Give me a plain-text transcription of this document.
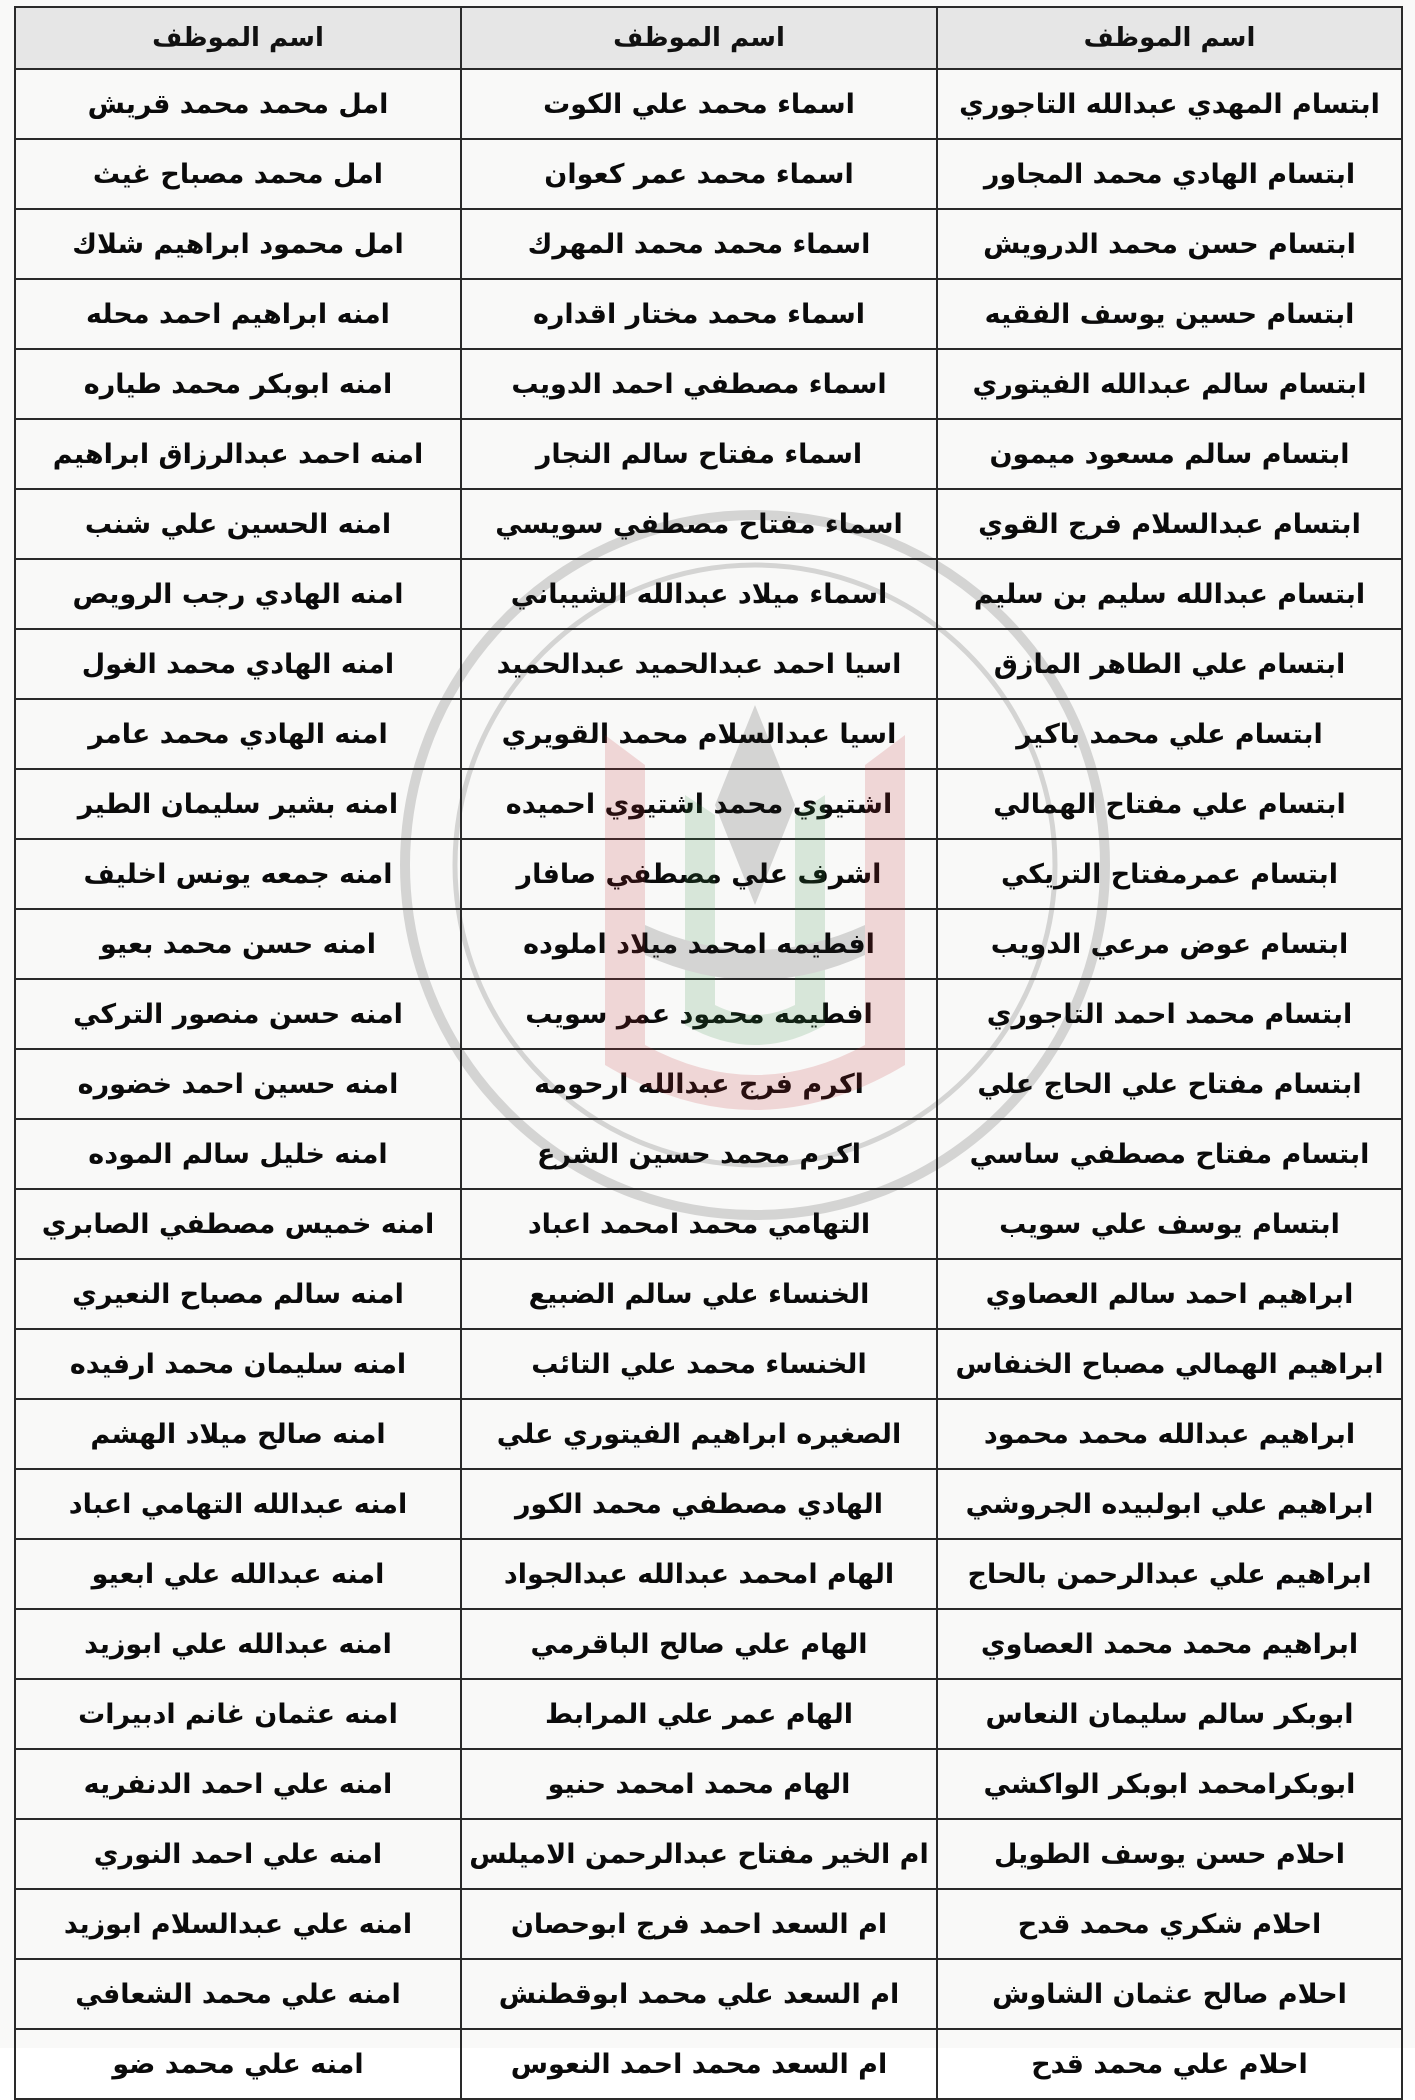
اسم الموظف	اسم الموظف	اسم الموظف
ابتسام المهدي عبدالله التاجوري	اسماء محمد علي الكوت	امل محمد محمد قريش
ابتسام الهادي محمد المجاور	اسماء محمد عمر كعوان	امل محمد مصباح غيث
ابتسام حسن محمد الدرويش	اسماء محمد محمد المهرك	امل محمود ابراهيم شلاك
ابتسام حسين يوسف الفقيه	اسماء محمد مختار اقداره	امنه ابراهيم احمد محله
ابتسام سالم عبدالله الفيتوري	اسماء مصطفي احمد الدويب	امنه ابوبكر محمد طياره
ابتسام سالم مسعود ميمون	اسماء مفتاح سالم النجار	امنه احمد عبدالرزاق ابراهيم
ابتسام عبدالسلام فرج القوي	اسماء مفتاح مصطفي سويسي	امنه الحسين علي شنب
ابتسام عبدالله سليم بن سليم	اسماء ميلاد عبدالله الشيباني	امنه الهادي رجب الرويص
ابتسام علي الطاهر المازق	اسيا احمد عبدالحميد عبدالحميد	امنه الهادي محمد الغول
ابتسام علي محمد باكير	اسيا عبدالسلام محمد القويري	امنه الهادي محمد عامر
ابتسام علي مفتاح الهمالي	اشتيوي محمد اشتيوي احميده	امنه بشير سليمان الطير
ابتسام عمرمفتاح التريكي	اشرف علي مصطفي صافار	امنه جمعه يونس اخليف
ابتسام عوض مرعي الدويب	افطيمه امحمد ميلاد املوده	امنه حسن محمد بعيو
ابتسام محمد احمد التاجوري	افطيمه محمود عمر سويب	امنه حسن منصور التركي
ابتسام مفتاح علي الحاج علي	اكرم فرج عبدالله ارحومه	امنه حسين احمد خضوره
ابتسام مفتاح مصطفي ساسي	اكرم محمد حسين الشرع	امنه خليل سالم الموده
ابتسام يوسف علي سويب	التهامي محمد امحمد اعباد	امنه خميس مصطفي الصابري
ابراهيم احمد سالم العصاوي	الخنساء علي سالم الضبيع	امنه سالم مصباح النعيري
ابراهيم الهمالي مصباح الخنفاس	الخنساء محمد علي التائب	امنه سليمان محمد ارفيده
ابراهيم عبدالله محمد محمود	الصغيره ابراهيم الفيتوري علي	امنه صالح ميلاد الهشم
ابراهيم علي ابولبيده الجروشي	الهادي مصطفي محمد الكور	امنه عبدالله التهامي اعباد
ابراهيم علي عبدالرحمن بالحاج	الهام امحمد عبدالله عبدالجواد	امنه عبدالله علي ابعيو
ابراهيم محمد محمد العصاوي	الهام علي صالح الباقرمي	امنه عبدالله علي ابوزيد
ابوبكر سالم سليمان النعاس	الهام عمر علي المرابط	امنه عثمان غانم ادبيرات
ابوبكرامحمد ابوبكر الواكشي	الهام محمد امحمد حنيو	امنه علي احمد الدنفريه
احلام حسن يوسف الطويل	ام الخير مفتاح عبدالرحمن الاميلس	امنه علي احمد النوري
احلام شكري محمد قدح	ام السعد احمد فرج ابوحصان	امنه علي عبدالسلام ابوزيد
احلام صالح عثمان الشاوش	ام السعد علي محمد ابوقطنش	امنه علي محمد الشعافي
احلام علي محمد قدح	ام السعد محمد احمد النعوس	امنه علي محمد ضو
